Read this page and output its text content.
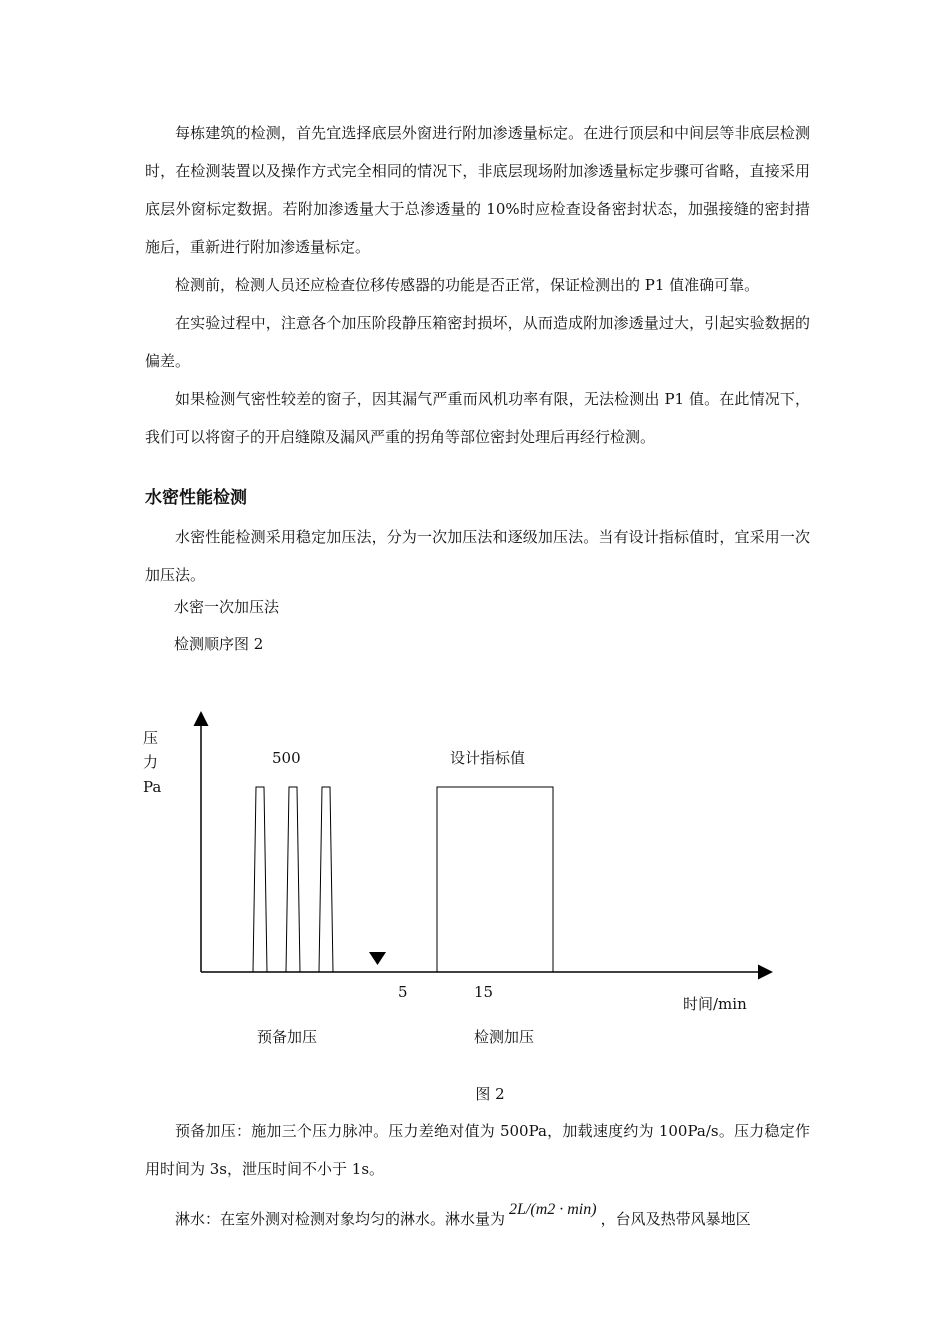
每栋建筑的检测，首先宜选择底层外窗进行附加渗透量标定。在进行顶层和中间层等非底层检测时，在检测装置以及操作方式完全相同的情况下，非底层现场附加渗透量标定步骤可省略，直接采用底层外窗标定数据。若附加渗透量大于总渗透量的 10%时应检查设备密封状态，加强接缝的密封措施后，重新进行附加渗透量标定。

检测前，检测人员还应检查位移传感器的功能是否正常，保证检测出的 P1 值准确可靠。

在实验过程中，注意各个加压阶段静压箱密封损坏，从而造成附加渗透量过大，引起实验数据的偏差。

如果检测气密性较差的窗子，因其漏气严重而风机功率有限，无法检测出 P1 值。在此情况下，我们可以将窗子的开启缝隙及漏风严重的拐角等部位密封处理后再经行检测。

水密性能检测

水密性能检测采用稳定加压法，分为一次加压法和逐级加压法。当有设计指标值时，宜采用一次加压法。

水密一次加压法

检测顺序图 2

压
力
Pa
500	设计指标值
5	15
时间/min
预备加压	检测加压

图 2

预备加压：施加三个压力脉冲。压力差绝对值为 500Pa，加载速度约为 100Pa/s。压力稳定作用时间为 3s，泄压时间不小于 1s。

淋水：在室外测对检测对象均匀的淋水。淋水量为2L/(m2 · min)，台风及热带风暴地区
